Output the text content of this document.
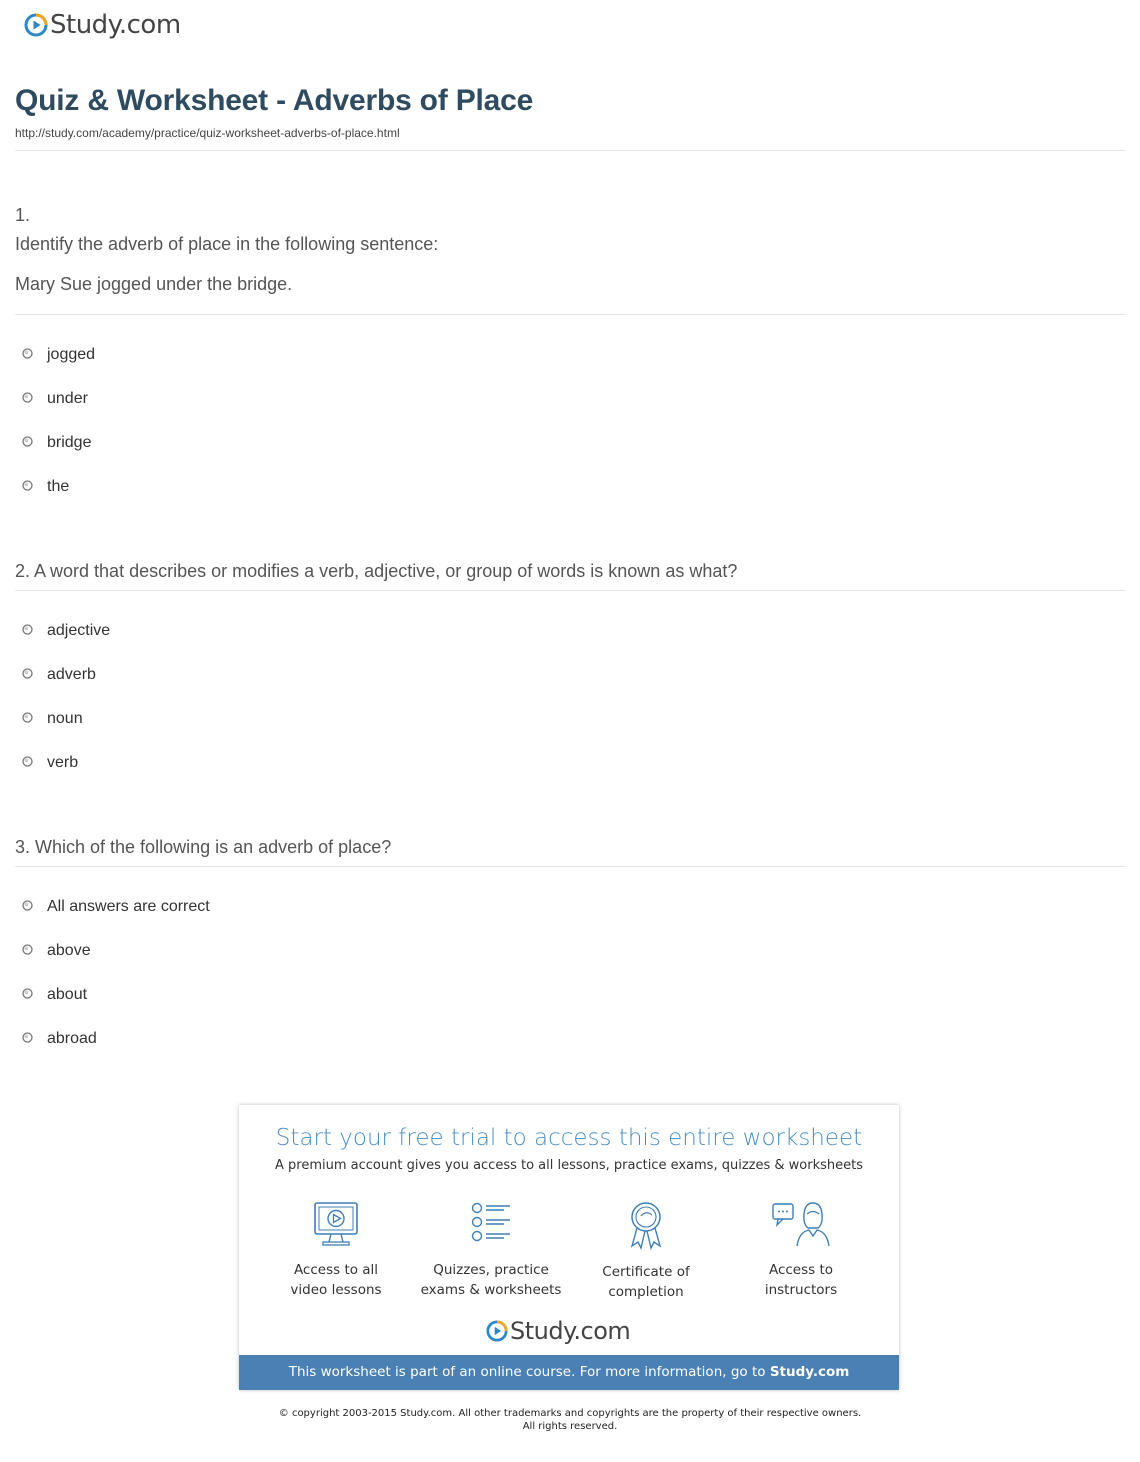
Study.com
Quiz & Worksheet - Adverbs of Place
http://study.com/academy/practice/quiz-worksheet-adverbs-of-place.html
1.
Identify the adverb of place in the following sentence:
Mary Sue jogged under the bridge.
jogged
under
bridge
the
2. A word that describes or modifies a verb, adjective, or group of words is known as what?
adjective
adverb
noun
verb
3. Which of the following is an adverb of place?
All answers are correct
above
about
abroad
Start your free trial to access this entire worksheet
A premium account gives you access to all lessons, practice exams, quizzes & worksheets
Access to all
video lessons
Quizzes, practice
exams & worksheets
Certificate of
completion
Access to
instructors
Study.com
This worksheet is part of an online course. For more information, go to Study.com
© copyright 2003-2015 Study.com. All other trademarks and copyrights are the property of their respective owners.
All rights reserved.
